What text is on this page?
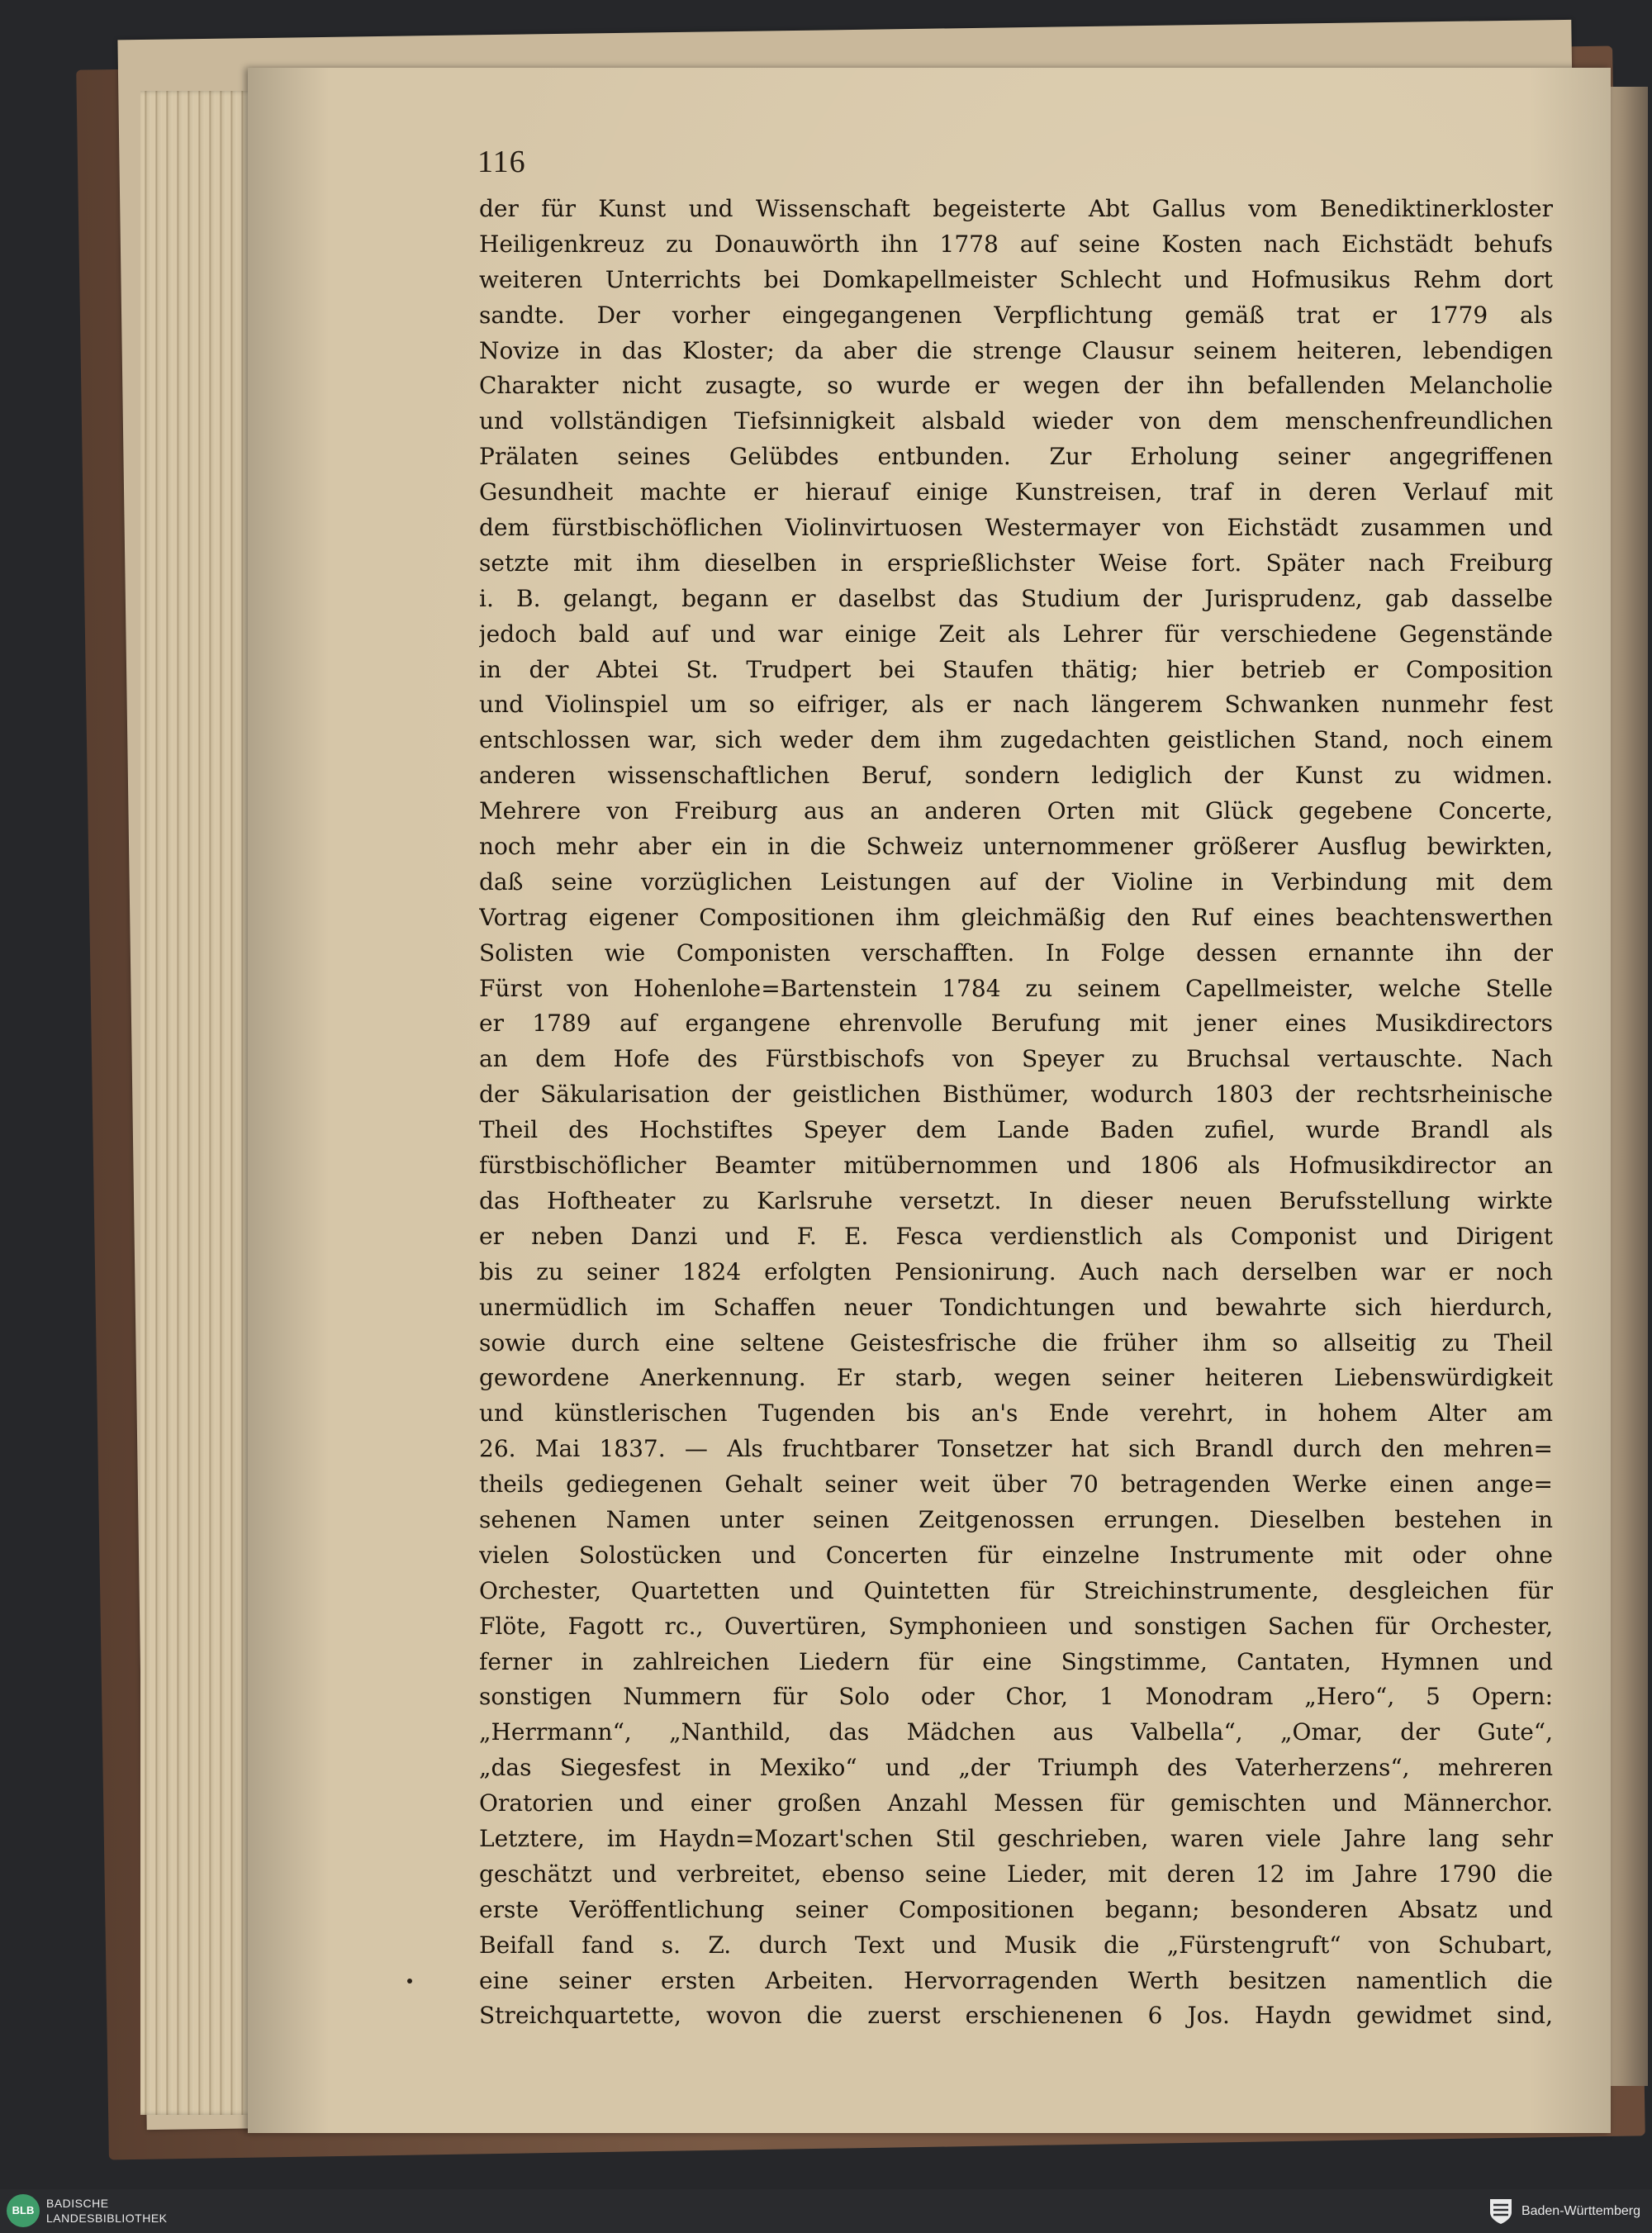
116
der für Kunst und Wissenschaft begeisterte Abt Gallus vom Benediktinerkloster
Heiligenkreuz zu Donauwörth ihn 1778 auf seine Kosten nach Eichstädt behufs
weiteren Unterrichts bei Domkapellmeister Schlecht und Hofmusikus Rehm dort
sandte. Der vorher eingegangenen Verpflichtung gemäß trat er 1779 als
Novize in das Kloster; da aber die strenge Clausur seinem heiteren, lebendigen
Charakter nicht zusagte, so wurde er wegen der ihn befallenden Melancholie
und vollständigen Tiefsinnigkeit alsbald wieder von dem menschenfreundlichen
Prälaten seines Gelübdes entbunden. Zur Erholung seiner angegriffenen
Gesundheit machte er hierauf einige Kunstreisen, traf in deren Verlauf mit
dem fürstbischöflichen Violinvirtuosen Westermayer von Eichstädt zusammen und
setzte mit ihm dieselben in ersprießlichster Weise fort. Später nach Freiburg
i. B. gelangt, begann er daselbst das Studium der Jurisprudenz, gab dasselbe
jedoch bald auf und war einige Zeit als Lehrer für verschiedene Gegenstände
in der Abtei St. Trudpert bei Staufen thätig; hier betrieb er Composition
und Violinspiel um so eifriger, als er nach längerem Schwanken nunmehr fest
entschlossen war, sich weder dem ihm zugedachten geistlichen Stand, noch einem
anderen wissenschaftlichen Beruf, sondern lediglich der Kunst zu widmen.
Mehrere von Freiburg aus an anderen Orten mit Glück gegebene Concerte,
noch mehr aber ein in die Schweiz unternommener größerer Ausflug bewirkten,
daß seine vorzüglichen Leistungen auf der Violine in Verbindung mit dem
Vortrag eigener Compositionen ihm gleichmäßig den Ruf eines beachtenswerthen
Solisten wie Componisten verschafften. In Folge dessen ernannte ihn der
Fürst von Hohenlohe=Bartenstein 1784 zu seinem Capellmeister, welche Stelle
er 1789 auf ergangene ehrenvolle Berufung mit jener eines Musikdirectors
an dem Hofe des Fürstbischofs von Speyer zu Bruchsal vertauschte. Nach
der Säkularisation der geistlichen Bisthümer, wodurch 1803 der rechtsrheinische
Theil des Hochstiftes Speyer dem Lande Baden zufiel, wurde Brandl als
fürstbischöflicher Beamter mitübernommen und 1806 als Hofmusikdirector an
das Hoftheater zu Karlsruhe versetzt. In dieser neuen Berufsstellung wirkte
er neben Danzi und F. E. Fesca verdienstlich als Componist und Dirigent
bis zu seiner 1824 erfolgten Pensionirung. Auch nach derselben war er noch
unermüdlich im Schaffen neuer Tondichtungen und bewahrte sich hierdurch,
sowie durch eine seltene Geistesfrische die früher ihm so allseitig zu Theil
gewordene Anerkennung. Er starb, wegen seiner heiteren Liebenswürdigkeit
und künstlerischen Tugenden bis an's Ende verehrt, in hohem Alter am
26. Mai 1837. — Als fruchtbarer Tonsetzer hat sich Brandl durch den mehren=
theils gediegenen Gehalt seiner weit über 70 betragenden Werke einen ange=
sehenen Namen unter seinen Zeitgenossen errungen. Dieselben bestehen in
vielen Solostücken und Concerten für einzelne Instrumente mit oder ohne
Orchester, Quartetten und Quintetten für Streichinstrumente, desgleichen für
Flöte, Fagott rc., Ouvertüren, Symphonieen und sonstigen Sachen für Orchester,
ferner in zahlreichen Liedern für eine Singstimme, Cantaten, Hymnen und
sonstigen Nummern für Solo oder Chor, 1 Monodram „Hero“, 5 Opern:
„Herrmann“, „Nanthild, das Mädchen aus Valbella“, „Omar, der Gute“,
„das Siegesfest in Mexiko“ und „der Triumph des Vaterherzens“, mehreren
Oratorien und einer großen Anzahl Messen für gemischten und Männerchor.
Letztere, im Haydn=Mozart'schen Stil geschrieben, waren viele Jahre lang sehr
geschätzt und verbreitet, ebenso seine Lieder, mit deren 12 im Jahre 1790 die
erste Veröffentlichung seiner Compositionen begann; besonderen Absatz und
Beifall fand s. Z. durch Text und Musik die „Fürstengruft“ von Schubart,
eine seiner ersten Arbeiten. Hervorragenden Werth besitzen namentlich die
Streichquartette, wovon die zuerst erschienenen 6 Jos. Haydn gewidmet sind,
BLB
BADISCHE
LANDESBIBLIOTHEK	Baden-Württemberg
